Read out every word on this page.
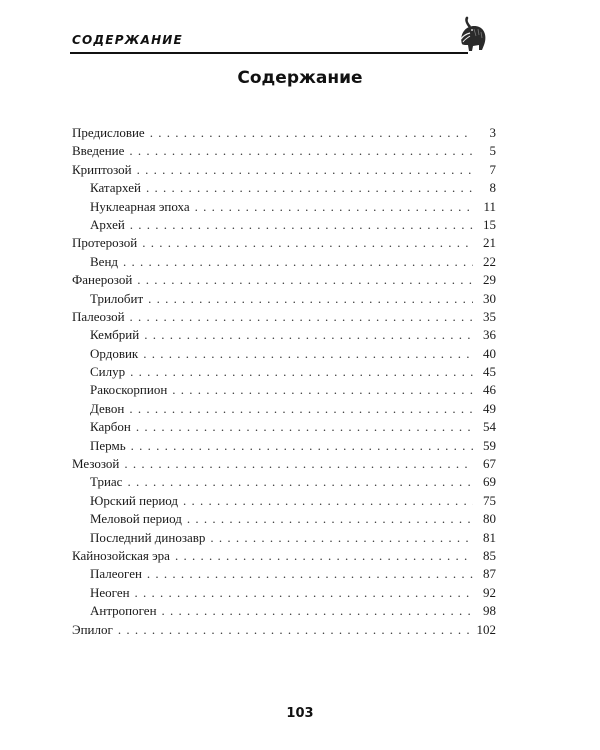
СОДЕРЖАНИЕ
Содержание
Предисловие . . .	3
Введение . . .	5
Криптозой . . .	7
Катархей . . .	8
Нуклеарная эпоха . . .	11
Архей . . .	15
Протерозой . . .	21
Венд . . .	22
Фанерозой . . .	29
Трилобит . . .	30
Палеозой . . .	35
Кембрий . . .	36
Ордовик . . .	40
Силур . . .	45
Ракоскорпион . . .	46
Девон . . .	49
Карбон . . .	54
Пермь . . .	59
Мезозой . . .	67
Триас . . .	69
Юрский период . . .	75
Меловой период . . .	80
Последний динозавр . . .	81
Кайнозойская эра . . .	85
Палеоген . . .	87
Неоген . . .	92
Антропоген . . .	98
Эпилог . . .	102
103
